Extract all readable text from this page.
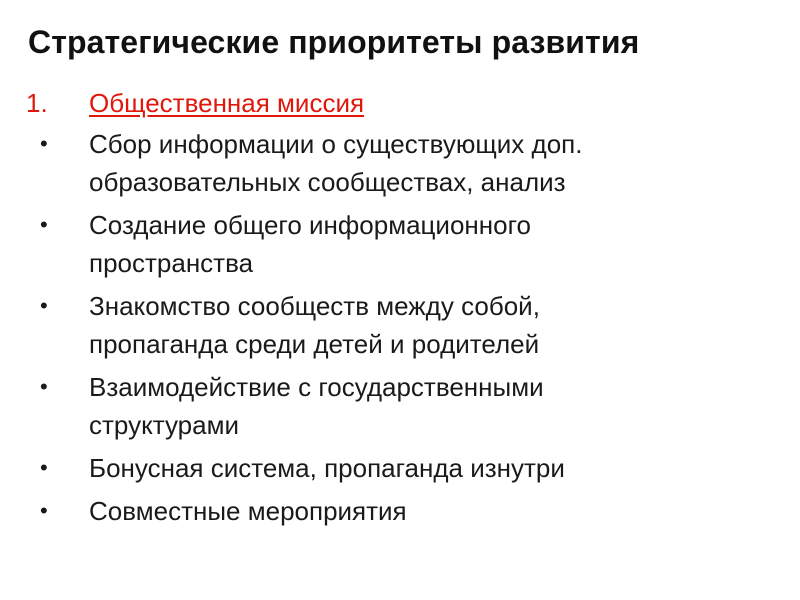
Стратегические приоритеты развития
1. Общественная миссия
• Сбор информации о существующих доп.
образовательных сообществах, анализ
• Создание общего информационного
пространства
• Знакомство сообществ между собой,
пропаганда среди детей и родителей
• Взаимодействие с государственными
структурами
• Бонусная система, пропаганда изнутри
• Совместные мероприятия
